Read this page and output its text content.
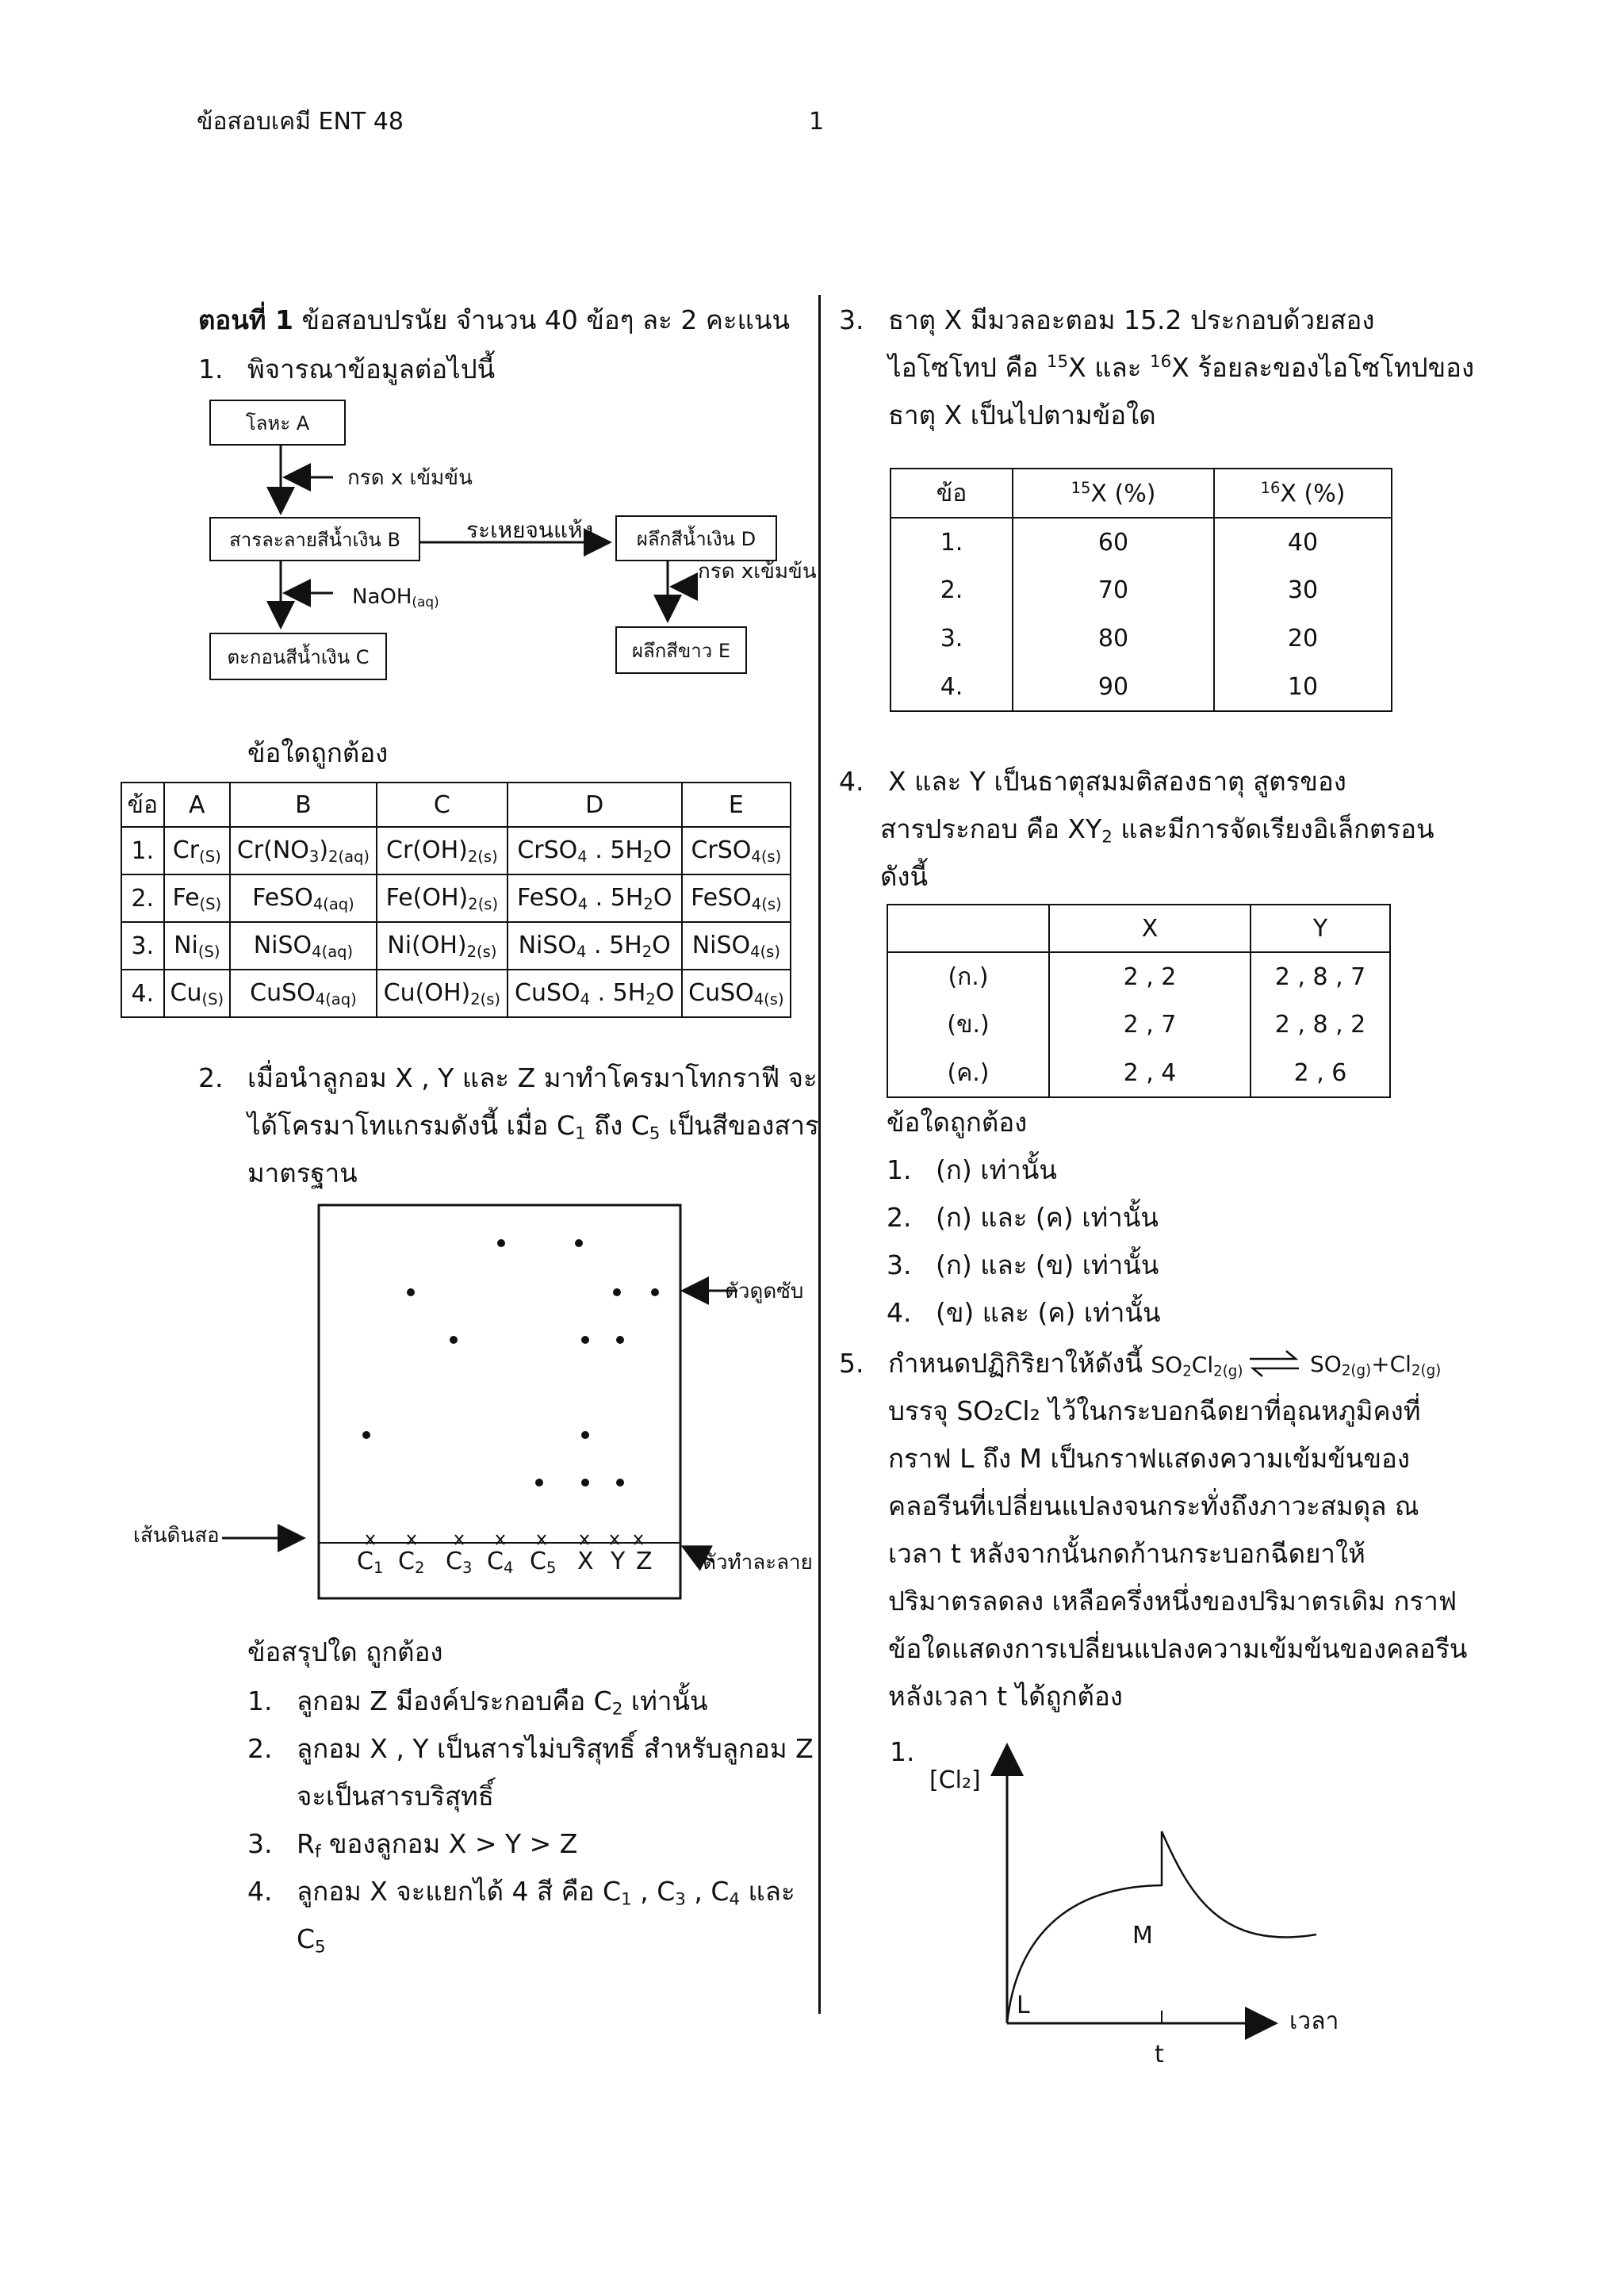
ข้อสอบเคมี ENT 48	1
ตอนที่ 1 ข้อสอบปรนัย จำนวน 40 ข้อๆ ละ 2 คะแนน
1. พิจารณาข้อมูลต่อไปนี้
โลหะ A
สารละลายสีน้ำเงิน B
ตะกอนสีน้ำเงิน C
ผลึกสีน้ำเงิน D
ผลึกสีขาว E
กรด x เข้มข้น
ระเหยจนแห้ง
NaOH$_{(aq)}$
กรด xเข้มข้น
ข้อใดถูกต้อง
ข้อ	A	B	C	D	E
1.	$Cr_{(S)}$	$Cr(NO_3)_{2(aq)}$	$Cr(OH)_{2(s)}$	CrSO$_4$ . $5H_2O$	CrSO$_{4(s)}$
2.	$Fe_{(S)}$	FeSO$_{4(aq)}$	$Fe(OH)_{2(s)}$	FeSO$_4$ . $5H_2O$	FeSO$_{4(s)}$
3.	$Ni_{(S)}$	NiSO$_{4(aq)}$	$Ni(OH)_{2(s)}$	NiSO$_4$ . $5H_2O$	NiSO$_{4(s)}$
4.	$Cu_{(S)}$	CuSO$_{4(aq)}$	$Cu(OH)_{2(s)}$	CuSO$_4$ . $5H_2O$	CuSO$_{4(s)}$
2. เมื่อนำลูกอม X , Y และ Z มาทำโครมาโทกราฟี จะ
ได้โครมาโทแกรมดังนี้ เมื่อ $C_1$ ถึง $C_5$ เป็นสีของสาร
มาตรฐาน
ตัวดูดซับ
เส้นดินสอ
ตัวทำละลาย
$C_1$ $C_2$ $C_3$ $C_4$ $C_5$ X Y Z
ข้อสรุปใด ถูกต้อง
1. ลูกอม Z มีองค์ประกอบคือ $C_2$ เท่านั้น
2. ลูกอม X , Y เป็นสารไม่บริสุทธิ์ สำหรับลูกอม Z
จะเป็นสารบริสุทธิ์
3. $R_f$ ของลูกอม X > Y > Z
4. ลูกอม X จะแยกได้ 4 สี คือ $C_1$ , $C_3$ , $C_4$ และ
$C_5$
3. ธาตุ X มีมวลอะตอม 15.2 ประกอบด้วยสอง
ไอโซโทป คือ $^{15}$X และ $^{16}$X ร้อยละของไอโซโทปของ
ธาตุ X เป็นไปตามข้อใด
ข้อ	$^{15}$X (%)	$^{16}$X (%)
1.	60	40
2.	70	30
3.	80	20
4.	90	10
4. X และ Y เป็นธาตุสมมติสองธาตุ สูตรของ
สารประกอบ คือ $XY_2$ และมีการจัดเรียงอิเล็กตรอน
ดังนี้
	X	Y
(ก.)	2 , 2	2 , 8 , 7
(ข.)	2 , 7	2 , 8 , 2
(ค.)	2 , 4	2 , 6
ข้อใดถูกต้อง
1. (ก) เท่านั้น
2. (ก) และ (ค) เท่านั้น
3. (ก) และ (ข) เท่านั้น
4. (ข) และ (ค) เท่านั้น
5. กำหนดปฏิกิริยาให้ดังนี้ $SO_2Cl_{2(g)}$	$SO_{2(g)}+Cl_{2(g)}$
บรรจุ SO₂Cl₂ ไว้ในกระบอกฉีดยาที่อุณหภูมิคงที่
กราฟ L ถึง M เป็นกราฟแสดงความเข้มข้นของ
คลอรีนที่เปลี่ยนแปลงจนกระทั่งถึงภาวะสมดุล ณ
เวลา t หลังจากนั้นกดก้านกระบอกฉีดยาให้
ปริมาตรลดลง เหลือครึ่งหนึ่งของปริมาตรเดิม กราฟ
ข้อใดแสดงการเปลี่ยนแปลงความเข้มข้นของคลอรีน
หลังเวลา t ได้ถูกต้อง
1.
[Cl₂]
เวลา
L
M
t
